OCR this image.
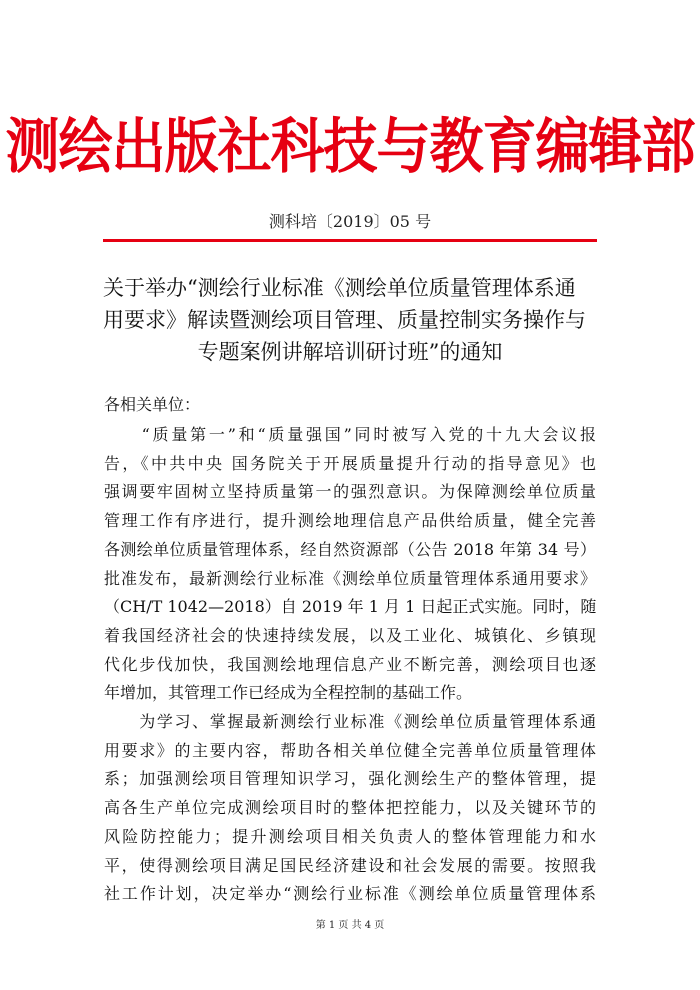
测绘出版社科技与教育编辑部
测科培〔2019〕05 号
关于举办“测绘行业标准《测绘单位质量管理体系通
用要求》解读暨测绘项目管理、质量控制实务操作与
专题案例讲解培训研讨班”的通知
各相关单位：
　　“质量第一”和“质量强国”同时被写入党的十九大会议报
告，《中共中央 国务院关于开展质量提升行动的指导意见》也
强调要牢固树立坚持质量第一的强烈意识。为保障测绘单位质量
管理工作有序进行，提升测绘地理信息产品供给质量，健全完善
各测绘单位质量管理体系，经自然资源部（公告 2018 年第 34 号）
批准发布，最新测绘行业标准《测绘单位质量管理体系通用要求》
（CH/T 1042—2018）自 2019 年 1 月 1 日起正式实施。同时，随
着我国经济社会的快速持续发展，以及工业化、城镇化、乡镇现
代化步伐加快，我国测绘地理信息产业不断完善，测绘项目也逐
年增加，其管理工作已经成为全程控制的基础工作。
　　为学习、掌握最新测绘行业标准《测绘单位质量管理体系通
用要求》的主要内容，帮助各相关单位健全完善单位质量管理体
系；加强测绘项目管理知识学习，强化测绘生产的整体管理，提
高各生产单位完成测绘项目时的整体把控能力，以及关键环节的
风险防控能力；提升测绘项目相关负责人的整体管理能力和水
平，使得测绘项目满足国民经济建设和社会发展的需要。按照我
社工作计划，决定举办“测绘行业标准《测绘单位质量管理体系
第 1 页 共 4 页
